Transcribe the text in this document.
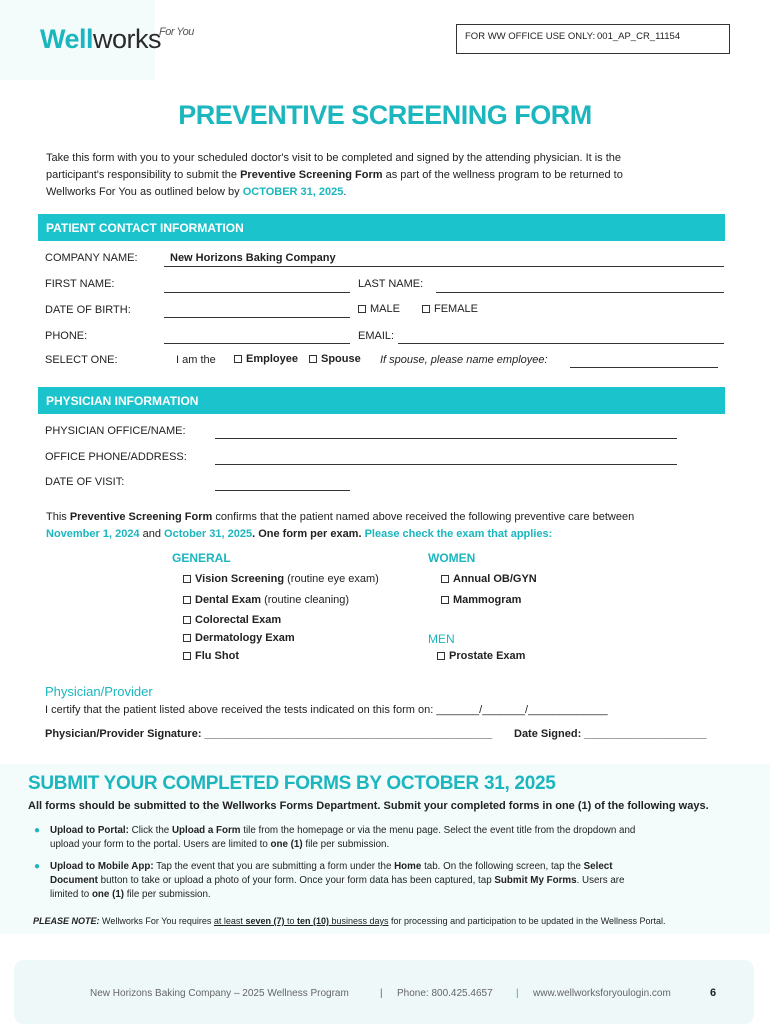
Wellworks$^{For You}$	FOR WW OFFICE USE ONLY: 001_AP_CR_11154
PREVENTIVE SCREENING FORM
Take this form with you to your scheduled doctor's visit to be completed and signed by the attending physician. It is the
participant's responsibility to submit the Preventive Screening Form as part of the wellness program to be returned to
Wellworks For You as outlined below by OCTOBER 31, 2025.
PATIENT CONTACT INFORMATION
COMPANY NAME:	New Horizons Baking Company
FIRST NAME:	LAST NAME:
DATE OF BIRTH:	MALE	FEMALE
PHONE:	EMAIL:
SELECT ONE:	I am the	Employee	Spouse If spouse, please name employee:
PHYSICIAN INFORMATION
PHYSICIAN OFFICE/NAME:
OFFICE PHONE/ADDRESS:
DATE OF VISIT:
This Preventive Screening Form confirms that the patient named above received the following preventive care between
November 1, 2024 and October 31, 2025. One form per exam. Please check the exam that applies:
GENERAL	WOMEN
Vision Screening (routine eye exam)	Annual OB/GYN
Dental Exam (routine cleaning)	Mammogram
Colorectal Exam
Dermatology Exam	MEN
Flu Shot	Prostate Exam
Physician/Provider
I certify that the patient listed above received the tests indicated on this form on: _______/_______/_____________
Physician/Provider Signature: _______________________________________________ Date Signed: ____________________
SUBMIT YOUR COMPLETED FORMS BY OCTOBER 31, 2025
All forms should be submitted to the Wellworks Forms Department. Submit your completed forms in one (1) of the following ways.
● Upload to Portal: Click the Upload a Form tile from the homepage or via the menu page. Select the event title from the dropdown and
upload your form to the portal. Users are limited to one (1) file per submission.
● Upload to Mobile App: Tap the event that you are submitting a form under the Home tab. On the following screen, tap the Select
Document button to take or upload a photo of your form. Once your form data has been captured, tap Submit My Forms. Users are
limited to one (1) file per submission.
PLEASE NOTE: Wellworks For You requires at least seven (7) to ten (10) business days for processing and participation to be updated in the Wellness Portal.
New Horizons Baking Company – 2025 Wellness Program	| Phone: 800.425.4657 | www.wellworksforyoulogin.com	6
